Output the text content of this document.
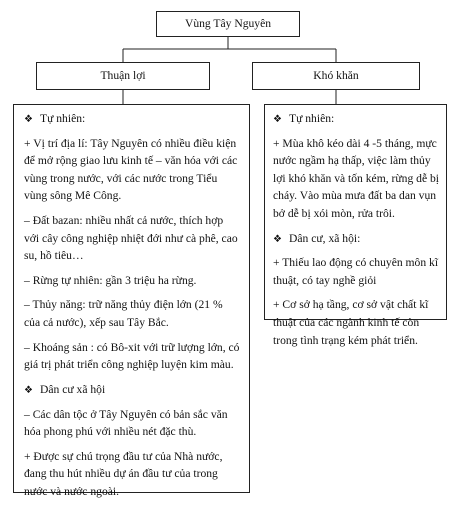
Vùng Tây Nguyên
Thuận lợi	Khó khăn
❖ Tự nhiên:
+ Vị trí địa lí: Tây Nguyên có nhiều điều kiện để mở rộng giao lưu kinh tế – văn hóa với các vùng trong nước, với các nước trong Tiểu vùng sông Mê Công.
– Đất bazan: nhiều nhất cả nước, thích hợp với cây công nghiệp nhiệt đới như cà phê, cao su, hồ tiêu…
– Rừng tự nhiên: gần 3 triệu ha rừng.
– Thủy năng: trữ năng thủy điện lớn (21 % của cả nước), xếp sau Tây Bắc.
– Khoáng sản : có Bô-xit với trữ lượng lớn, có giá trị phát triển công nghiệp luyện kim màu.
❖ Dân cư xã hội
– Các dân tộc ở Tây Nguyên có bản sắc văn hóa phong phú với nhiều nét đặc thù.
+ Được sự chú trọng đầu tư của Nhà nước, đang thu hút nhiều dự án đầu tư của trong nước và nước ngoài.
❖ Tự nhiên:
+ Mùa khô kéo dài 4 -5 tháng, mực nước ngầm hạ thấp, việc làm thủy lợi khó khăn và tốn kém, rừng dễ bị cháy. Vào mùa mưa đất ba dan vụn bở dễ bị xói mòn, rửa trôi.
❖ Dân cư, xã hội:
+ Thiếu lao động có chuyên môn kĩ thuật, có tay nghề giỏi
+ Cơ sở hạ tầng, cơ sở vật chất kĩ thuật của các ngành kinh tế còn trong tình trạng kém phát triển.
